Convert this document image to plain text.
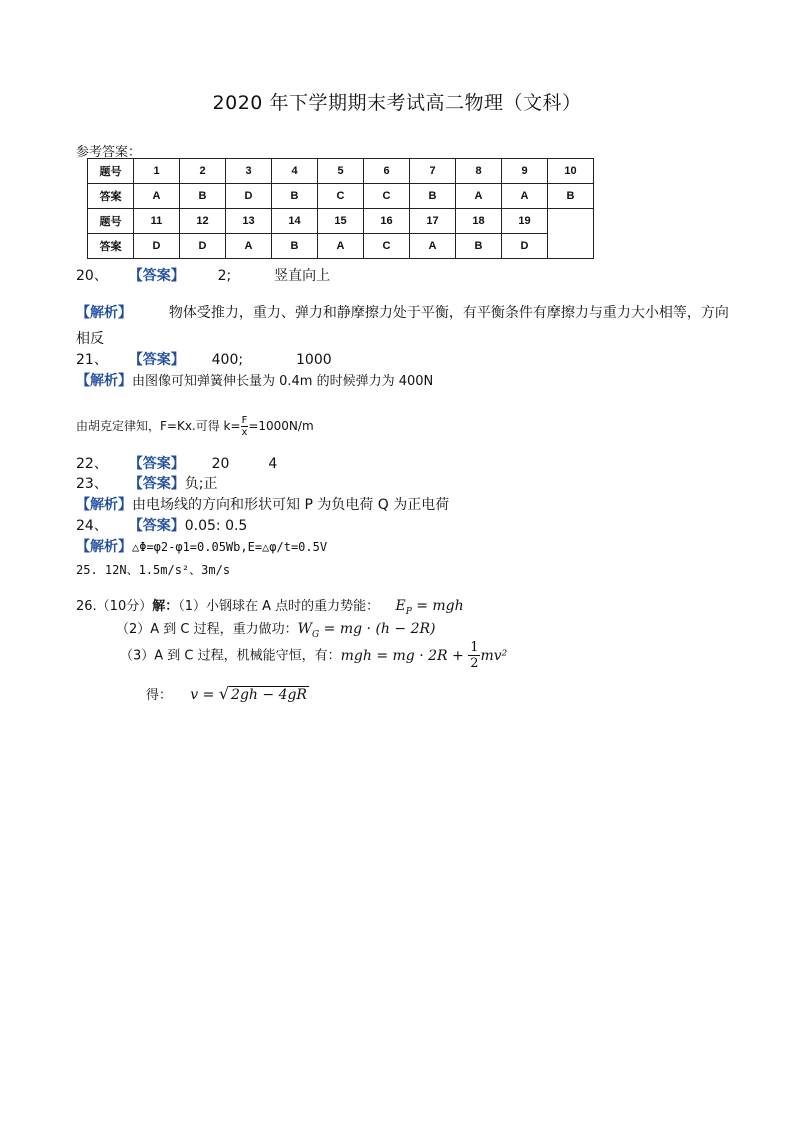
2020 年下学期期末考试高二物理（文科）
参考答案：
题号	1	2	3	4	5	6	7	8	9	10
答案	A	B	D	B	C	C	B	A	A	B
题号	11	12	13	14	15	16	17	18	19	
答案	D	D	A	B	A	C	A	B	D	
20、 【答案】 2;	竖直向上
【解析】	物体受推力，重力、弹力和静摩擦力处于平衡，有平衡条件有摩擦力与重力大小相等，方向
相反
21、 【答案】 400;	1000
【解析】由图像可知弹簧伸长量为 0.4m 的时候弹力为 400N
由胡克定律知，F=Kx.可得 $k= \frac{F}{x} =1000N/m$
22、 【答案】 20	4
23、 【答案】负;正
【解析】由电场线的方向和形状可知 P 为负电荷 Q 为正电荷
24、 【答案】0.05: 0.5
【解析】△Φ=φ2-φ1=0.05Wb,E=△φ/t=0.5V
25. 12N、1.5m/s²、3m/s
26.（10分）解：（1）小钢球在 A 点时的重力势能： $E_P$ = mgh
（2）A 到 C 过程，重力做功：$W_G$ = mg · (h − 2R)
（3）A 到 C 过程，机械能守恒，有：mgh = mg · $2R + \frac{1}{2} mv^2$
得： v = √ 2gh − 4gR
